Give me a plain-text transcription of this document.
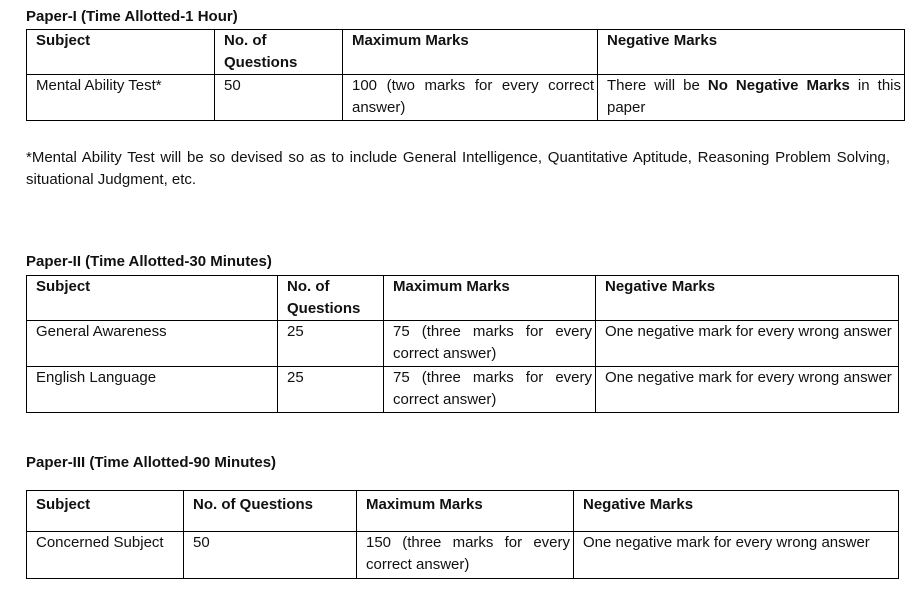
Paper-I (Time Allotted-1 Hour)
Subject	No. of Questions	Maximum Marks	Negative Marks
Mental Ability Test*	50	100 (two marks for every correct answer)	There will be No Negative Marks in this paper
*Mental Ability Test will be so devised so as to include General Intelligence, Quantitative Aptitude, Reasoning Problem Solving, situational Judgment, etc.
Paper-II (Time Allotted-30 Minutes)
Subject	No. of Questions	Maximum Marks	Negative Marks
General Awareness	25	75 (three marks for every correct answer)	One negative mark for every wrong answer
English Language	25	75 (three marks for every correct answer)	One negative mark for every wrong answer
Paper-III (Time Allotted-90 Minutes)
Subject	No. of Questions	Maximum Marks	Negative Marks
Concerned Subject	50	150 (three marks for every correct answer)	One negative mark for every wrong answer
